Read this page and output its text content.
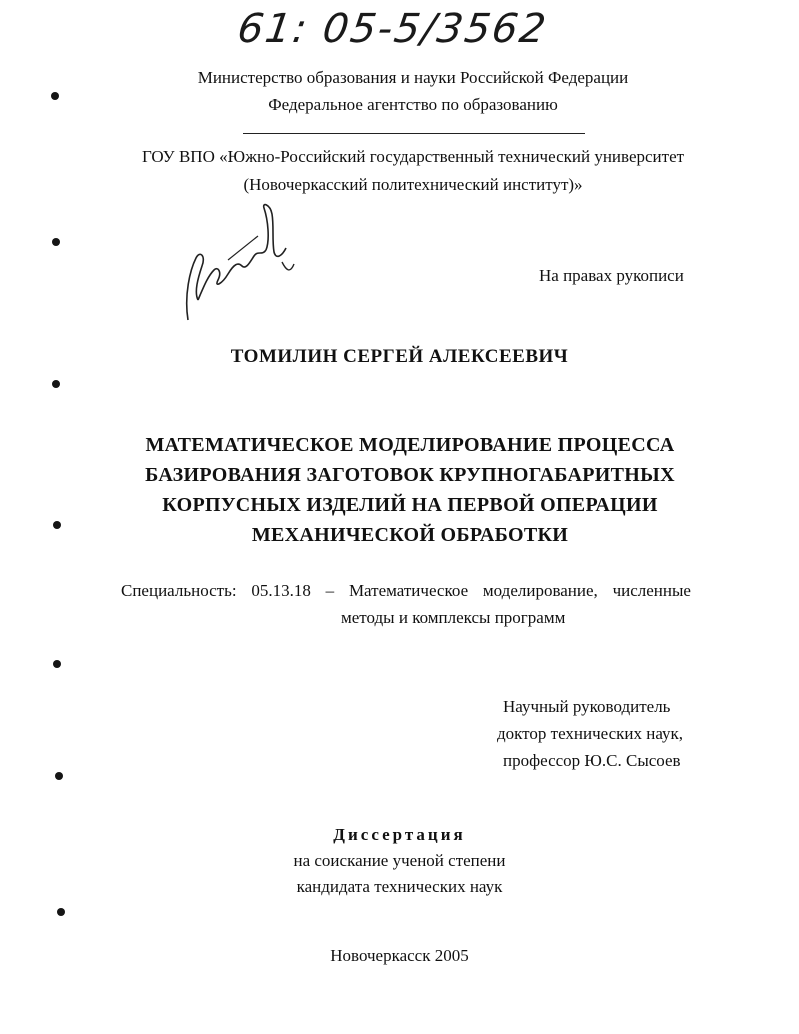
61: 05-5/3562
Министерство образования и науки Российской Федерации
Федеральное агентство по образованию
ГОУ ВПО «Южно-Российский государственный технический университет
(Новочеркасский политехнический институт)»
На правах рукописи
ТОМИЛИН СЕРГЕЙ АЛЕКСЕЕВИЧ
МАТЕМАТИЧЕСКОЕ МОДЕЛИРОВАНИЕ ПРОЦЕССА
БАЗИРОВАНИЯ ЗАГОТОВОК КРУПНОГАБАРИТНЫХ
КОРПУСНЫХ ИЗДЕЛИЙ НА ПЕРВОЙ ОПЕРАЦИИ
МЕХАНИЧЕСКОЙ ОБРАБОТКИ
Специальность: 05.13.18 – Математическое моделирование, численные
методы и комплексы программ
Научный руководитель
доктор технических наук,
профессор Ю.С. Сысоев
Диссертация
на соискание ученой степени
кандидата технических наук
Новочеркасск 2005
